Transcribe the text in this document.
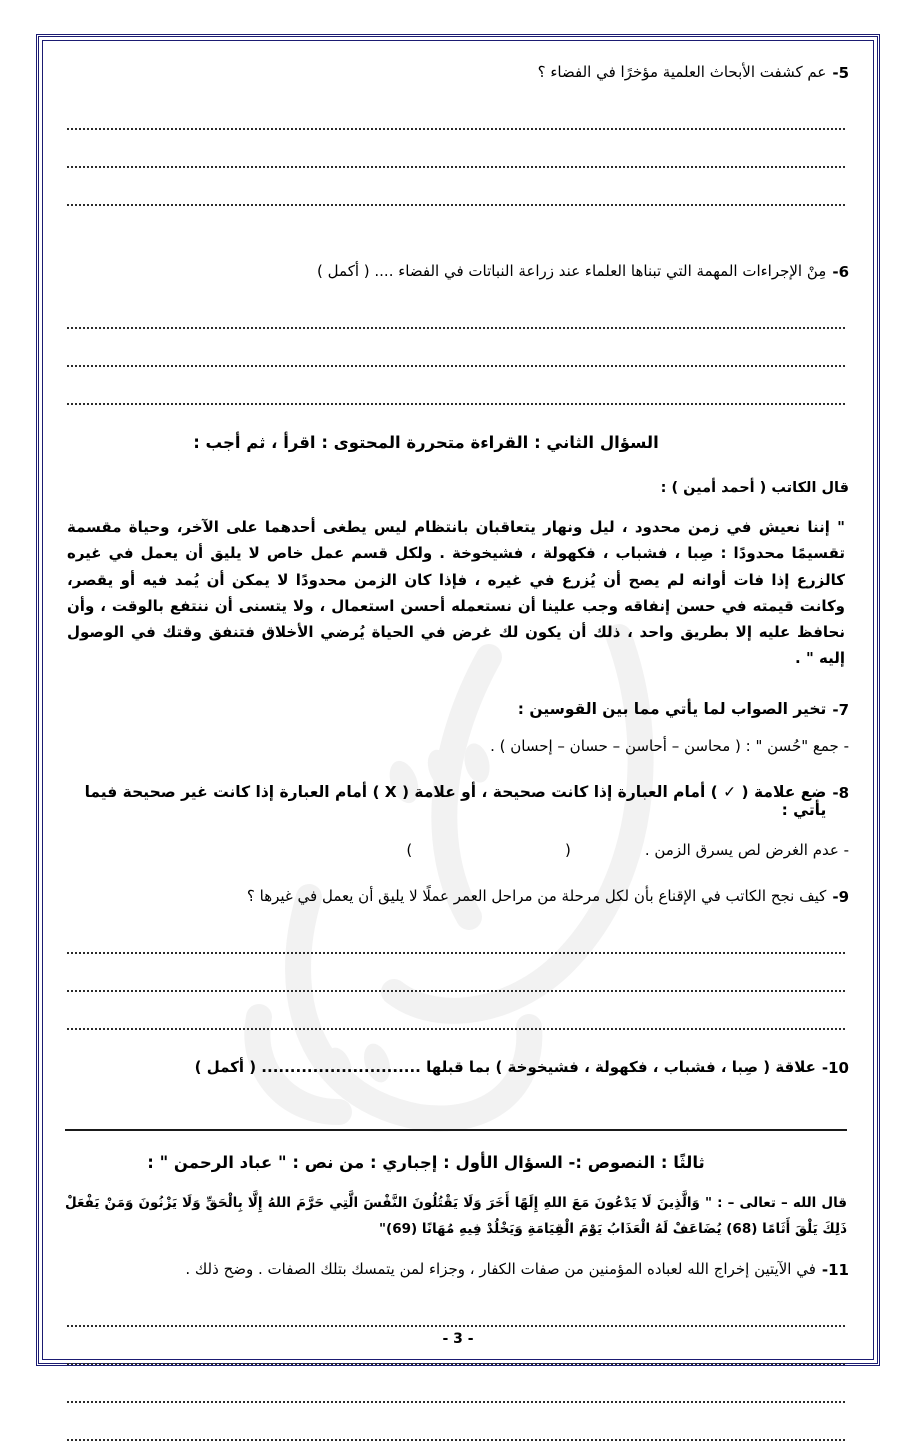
5-
عم كشفت الأبحاث العلمية مؤخرًا في الفضاء ؟
6-
مِنْ الإجراءات المهمة التي تبناها العلماء عند زراعة النباتات في الفضاء .... ( أكمل )
السؤال الثاني : القراءة متحررة المحتوى : اقرأ ، ثم أجب :
قال الكاتب ( أحمد أمين ) :
" إننا نعيش في زمن محدود ، ليل ونهار يتعاقبان بانتظام ليس يطغى أحدهما على الآخر، وحياة مقسمة تقسيمًا محدودًا : صِبا ، فشباب ، فكهولة ، فشيخوخة . ولكل قسم عمل خاص لا يليق أن يعمل في غيره كالزرع إذا فات أوانه لم يصح أن يُزرع في غيره ، فإذا كان الزمن محدودًا لا يمكن أن يُمد فيه أو يقصر، وكانت قيمته في حسن إنفاقه وجب علينا أن نستعمله أحسن استعمال ، ولا يتسنى أن ننتفع بالوقت ، وأن نحافظ عليه إلا بطريق واحد ، ذلك أن يكون لك غرض في الحياة يُرضي الأخلاق فتنفق وقتك في الوصول إليه " .
7-
تخير الصواب لما يأتي مما بين القوسين :
- جمع "حُسن " : ( محاسن – أحاسن – حسان – إحسان ) .
8-
ضع علامة ( ✓ ) أمام العبارة إذا كانت صحيحة ، أو علامة ( X ) أمام العبارة إذا كانت غير صحيحة فيما يأتي :
- عدم الغرض لص يسرق الزمن .
( )
9-
كيف نجح الكاتب في الإقناع بأن لكل مرحلة من مراحل العمر عملًا لا يليق أن يعمل في غيرها ؟
10-
علاقة ( صِبا ، فشباب ، فكهولة ، فشيخوخة ) بما قبلها ............................ ( أكمل )
ثالثًا : النصوص :- السؤال الأول : إجباري : من نص : " عباد الرحمن " :
قال الله – تعالى – : " وَالَّذِينَ لَا يَدْعُونَ مَعَ اللهِ إِلَهًا أَخَرَ وَلَا يَقْتُلُونَ النَّفْسَ الَّتِي حَرَّمَ اللهُ إِلَّا بِالْحَقِّ وَلَا يَزْنُونَ وَمَنْ يَفْعَلْ ذَلِكَ يَلْقَ أَثَامًا (68) يُضَاعَفْ لَهُ الْعَذَابُ يَوْمَ الْقِيَامَةِ وَيَخْلُدْ فِيهِ مُهَانًا (69)"
11-
في الآيتين إخراج الله لعباده المؤمنين من صفات الكفار ، وجزاء لمن يتمسك بتلك الصفات . وضح ذلك .
- 3 -
